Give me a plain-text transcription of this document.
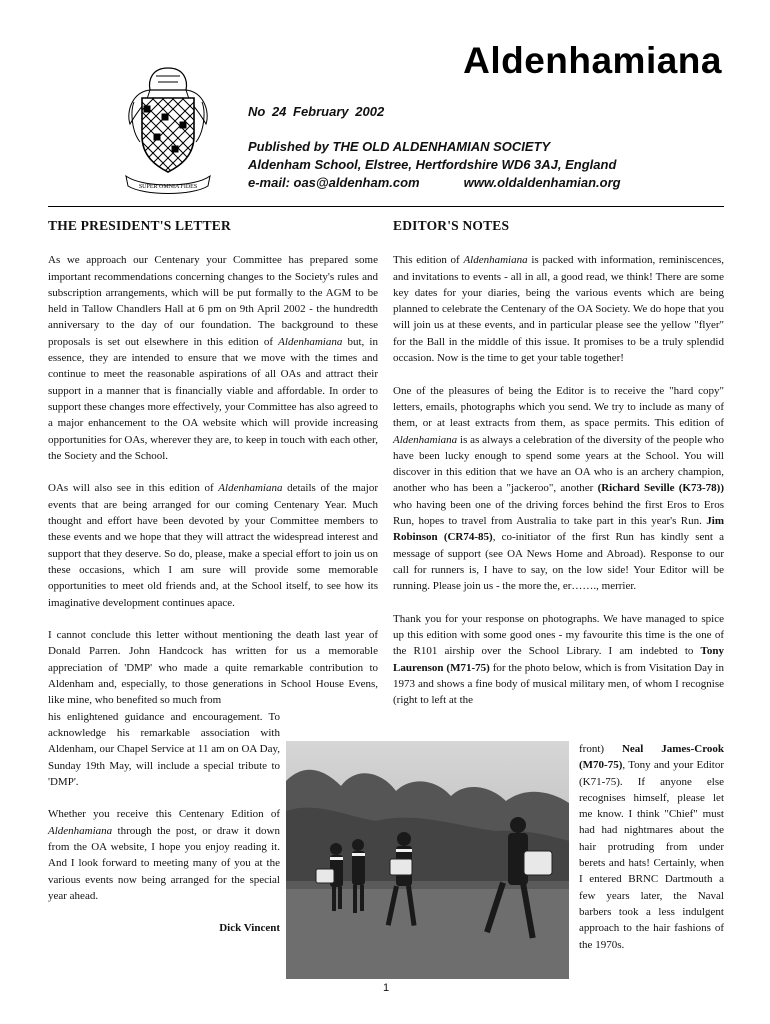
SUPER OMNIA FIDES
Aldenhamiana
No 24 February 2002
Published by THE OLD ALDENHAMIAN SOCIETY
Aldenham School, Elstree, Hertfordshire WD6 3AJ, England
e-mail: oas@aldenham.com	www.oldaldenhamian.org
THE PRESIDENT'S LETTER

As we approach our Centenary your Committee has prepared some important recommendations concerning changes to the Society's rules and subscription arrangements, which will be put formally to the AGM to be held in Tallow Chandlers Hall at 6 pm on 9th April 2002 - the hundredth anniversary to the day of our foundation. The background to these proposals is set out elsewhere in this edition of Aldenhamiana but, in essence, they are intended to ensure that we move with the times and continue to meet the reasonable aspirations of all OAs and attract their support in a manner that is financially viable and affordable. In order to support these changes more effectively, your Committee has also agreed to a major enhancement to the OA website which will provide increasing opportunities for OAs, wherever they are, to keep in touch with each other, the Society and the School.

OAs will also see in this edition of Aldenhamiana details of the major events that are being arranged for our coming Centenary Year. Much thought and effort have been devoted by your Committee members to these events and we hope that they will attract the widespread interest and support that they deserve. So do, please, make a special effort to join us on these occasions, which I am sure will provide some memorable opportunities to meet old friends and, at the School itself, to see how its imaginative development continues apace.

I cannot conclude this letter without mentioning the death last year of Donald Parren. John Handcock has written for us a memorable appreciation of 'DMP' who made a quite remarkable contribution to Aldenham and, especially, to those generations in School House Evens, like mine, who benefited so much from

his enlightened guidance and encouragement. To acknowledge his remarkable association with Aldenham, our Chapel Service at 11 am on OA Day, Sunday 19th May, will include a special tribute to 'DMP'.

Whether you receive this Centenary Edition of Aldenhamiana through the post, or draw it down from the OA website, I hope you enjoy reading it. And I look forward to meeting many of you at the various events now being arranged for the special year ahead.

Dick Vincent
EDITOR'S NOTES

This edition of Aldenhamiana is packed with information, reminiscences, and invitations to events - all in all, a good read, we think! There are some key dates for your diaries, being the various events which are being planned to celebrate the Centenary of the OA Society. We do hope that you will join us at these events, and in particular please see the yellow "flyer" for the Ball in the middle of this issue. It promises to be a truly splendid occasion. Now is the time to get your table together!

One of the pleasures of being the Editor is to receive the "hard copy" letters, emails, photographs which you send. We try to include as many of them, or at least extracts from them, as space permits. This edition of Aldenhamiana is as always a celebration of the diversity of the people who have been lucky enough to spend some years at the School. You will discover in this edition that we have an OA who is an archery champion, another who has been a "jackeroo", another (Richard Seville (K73-78)) who having been one of the driving forces behind the first Eros to Eros Run, hopes to travel from Australia to take part in this year's Run. Jim Robinson (CR74-85), co-initiator of the first Run has kindly sent a message of support (see OA News Home and Abroad). Response to our call for runners is, I have to say, on the low side! Your Editor will be running. Please join us - the more the, er……., merrier.

Thank you for your response on photographs. We have managed to spice up this edition with some good ones - my favourite this time is the one of the R101 airship over the School Library. I am indebted to Tony Laurenson (M71-75) for the photo below, which is from Visitation Day in 1973 and shows a fine body of musical military men, of whom I recognise (right to left at the

front) Neal James-Crook (M70-75), Tony and your Editor (K71-75). If anyone else recognises himself, please let me know. I think "Chief" must had had nightmares about the hair protruding from under berets and hats! Certainly, when I entered BRNC Dartmouth a few years later, the Naval barbers took a less indulgent approach to the hair fashions of the 1970s.
1
